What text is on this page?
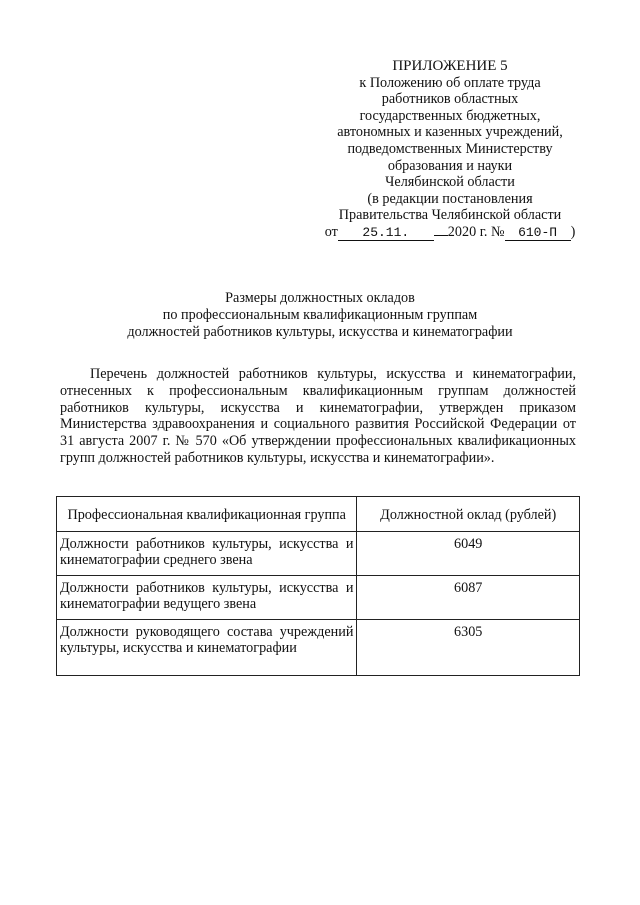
ПРИЛОЖЕНИЕ 5
к Положению об оплате труда
работников областных
государственных бюджетных,
автономных и казенных учреждений,
подведомственных Министерству
образования и науки
Челябинской области
(в редакции постановления
Правительства Челябинской области
от 25.11.	2020 г. № 610-П )
Размеры должностных окладов
по профессиональным квалификационным группам
должностей работников культуры, искусства и кинематографии

Перечень должностей работников культуры, искусства и кинематографии, отнесенных к профессиональным квалификационным группам должностей работников культуры, искусства и кинематографии, утвержден приказом Министерства здравоохранения и социального развития Российской Федерации от 31 августа 2007 г. № 570 «Об утверждении профессиональных квалификационных групп должностей работников культуры, искусства и кинематографии».

Профессиональная квалификационная группа	Должностной оклад (рублей)
Должности работников культуры, искусства и кинематографии среднего звена	6049
Должности работников культуры, искусства и кинематографии ведущего звена	6087
Должности руководящего состава учреждений культуры, искусства и кинематографии	6305
